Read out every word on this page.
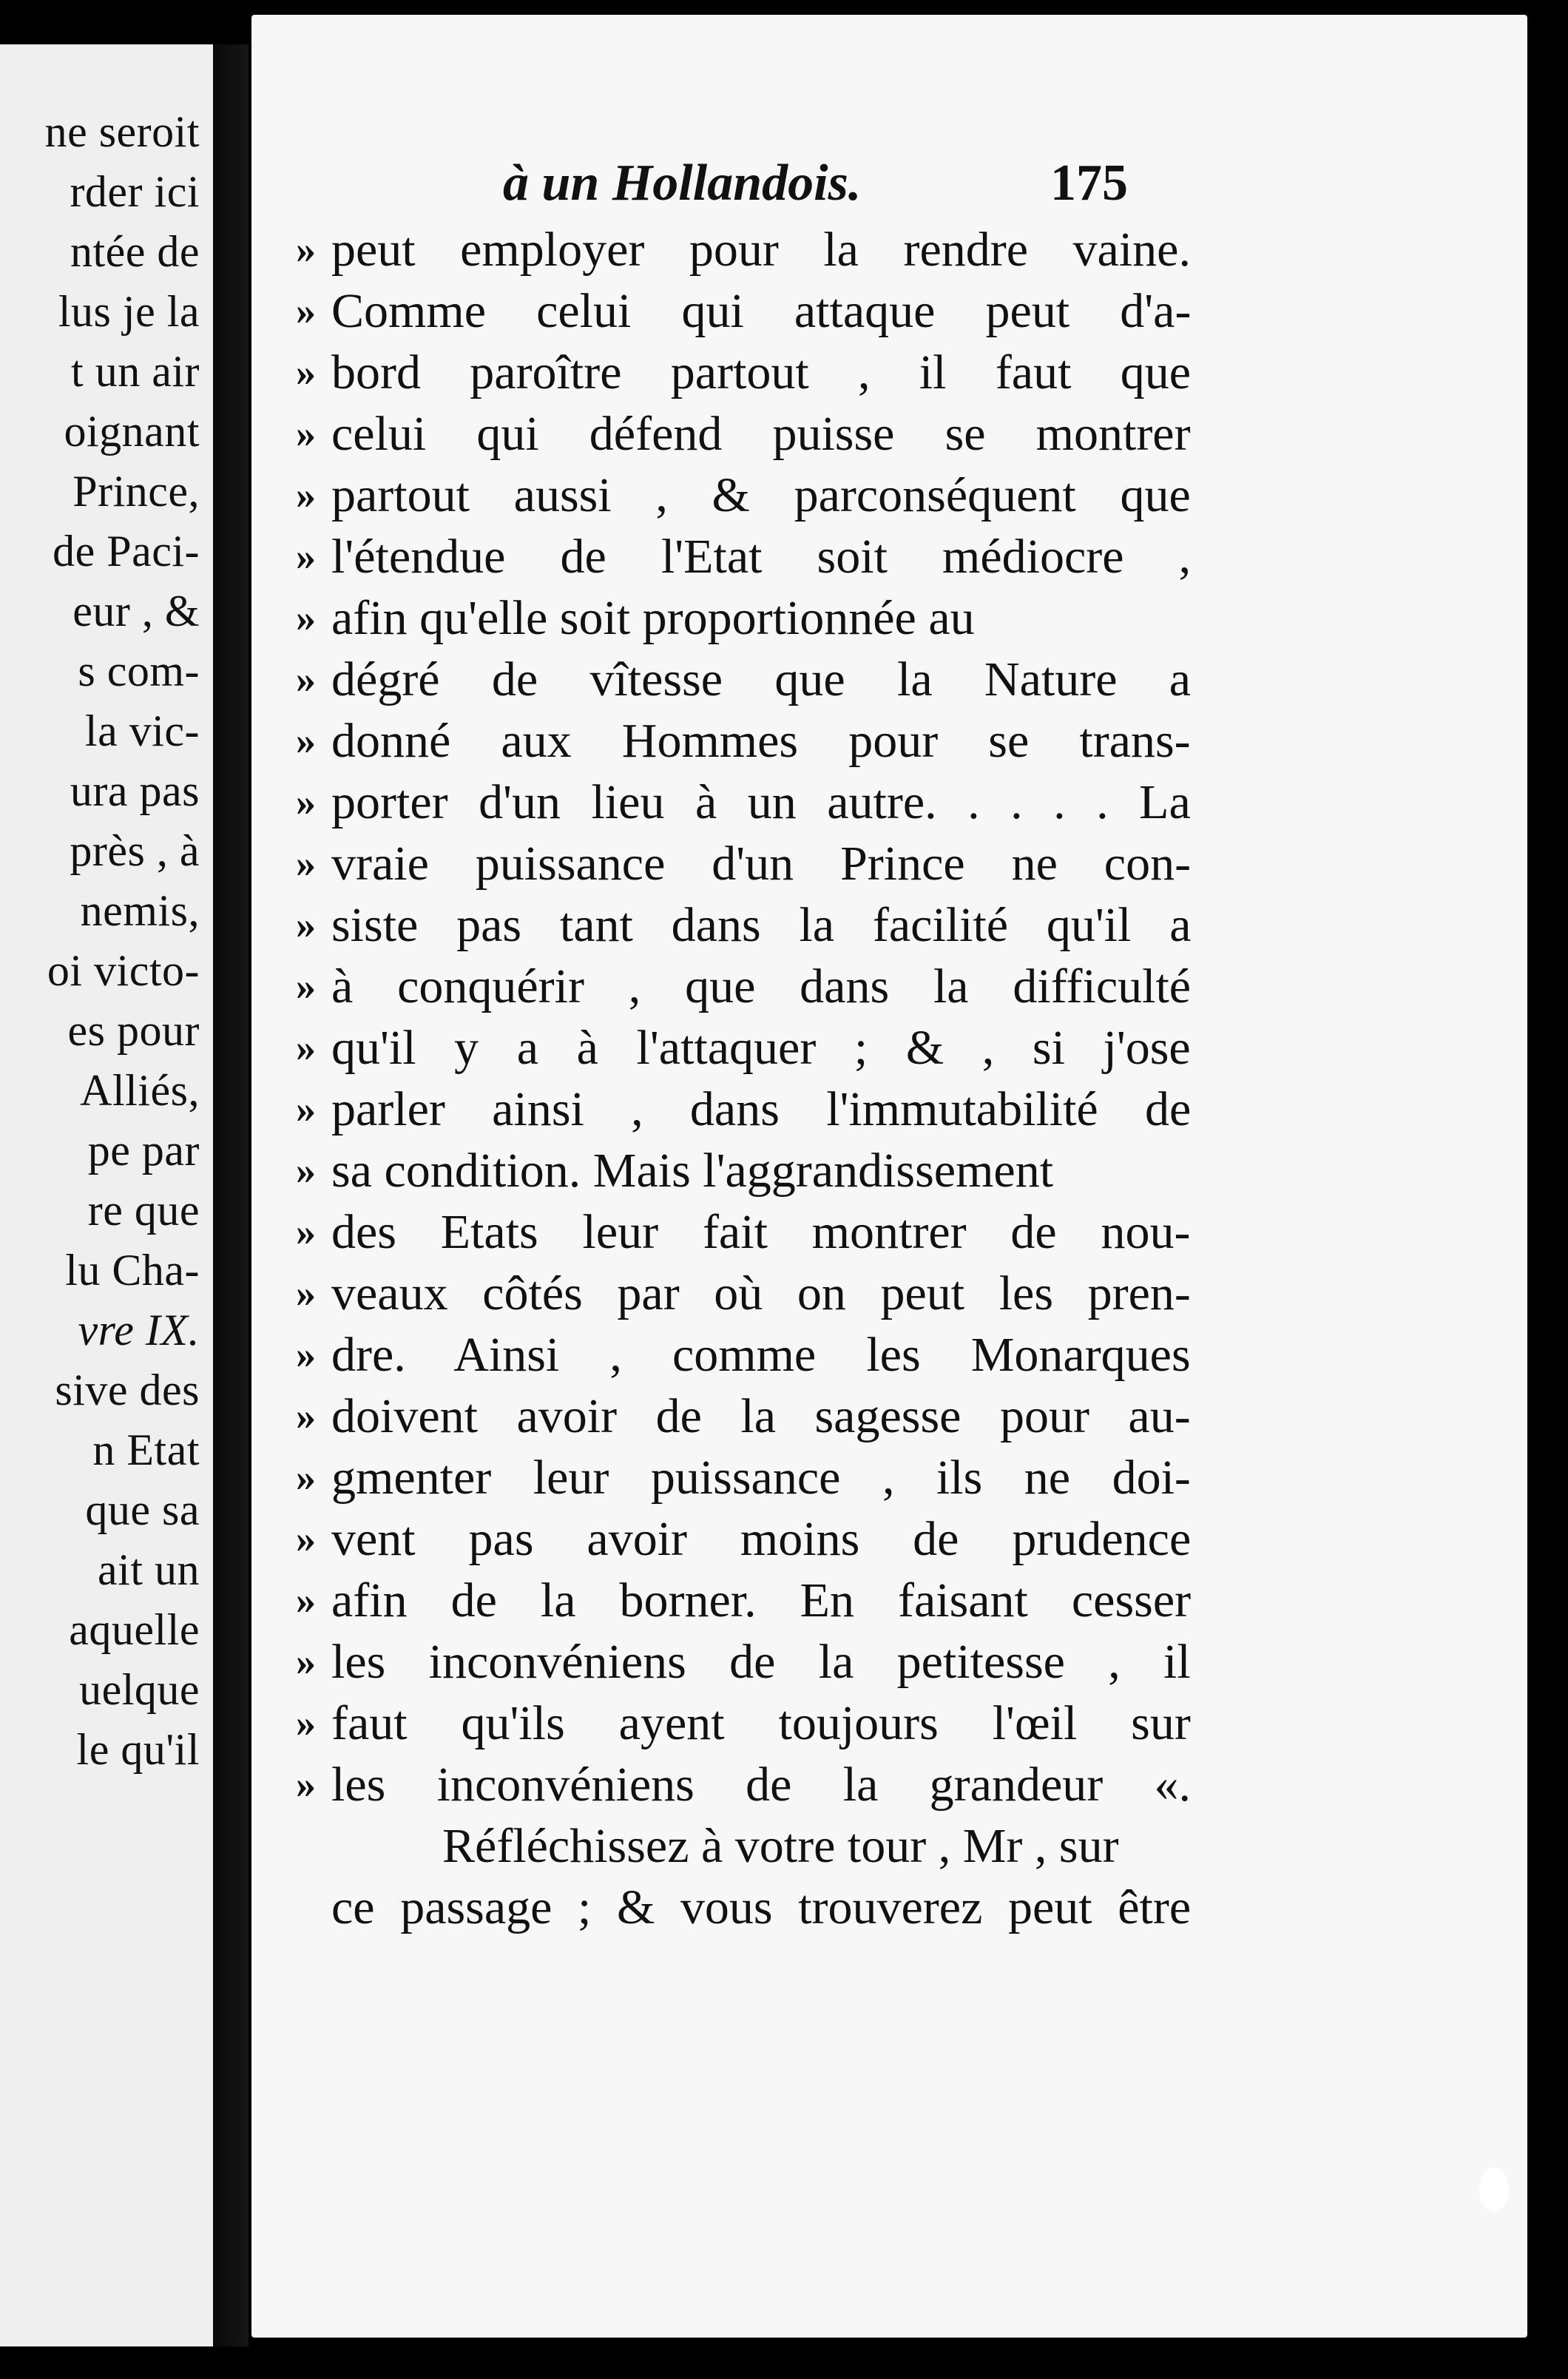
ne seroit
rder ici
ntée de
lus je la
t un air
oignant
Prince,
de Paci-
eur , &
s com-
la vic-
ura pas
près , à
nemis,
oi victo-
es pour
Alliés,
pe par
re que
lu Cha-
vre IX.
sive des
n Etat
que sa
ait un
aquelle
uelque
le qu'il
à un Hollandois.	175
» peut employer pour la rendre vaine.
» Comme celui qui attaque peut d'a-
» bord paroître partout , il faut que
» celui qui défend puisse se montrer
» partout aussi , & parconséquent que
» l'étendue de l'Etat soit médiocre ,
» afin qu'elle soit proportionnée au
» dégré de vîtesse que la Nature a
» donné aux Hommes pour se trans-
» porter d'un lieu à un autre. . . . . La
» vraie puissance d'un Prince ne con-
» siste pas tant dans la facilité qu'il a
» à conquérir , que dans la difficulté
» qu'il y a à l'attaquer ; & , si j'ose
» parler ainsi , dans l'immutabilité de
» sa condition. Mais l'aggrandissement
» des Etats leur fait montrer de nou-
» veaux côtés par où on peut les pren-
» dre. Ainsi , comme les Monarques
» doivent avoir de la sagesse pour au-
» gmenter leur puissance , ils ne doi-
» vent pas avoir moins de prudence
» afin de la borner. En faisant cesser
» les inconvéniens de la petitesse , il
» faut qu'ils ayent toujours l'œil sur
» les inconvéniens de la grandeur «.
Réfléchissez à votre tour , Mr , sur
ce passage ; & vous trouverez peut être
